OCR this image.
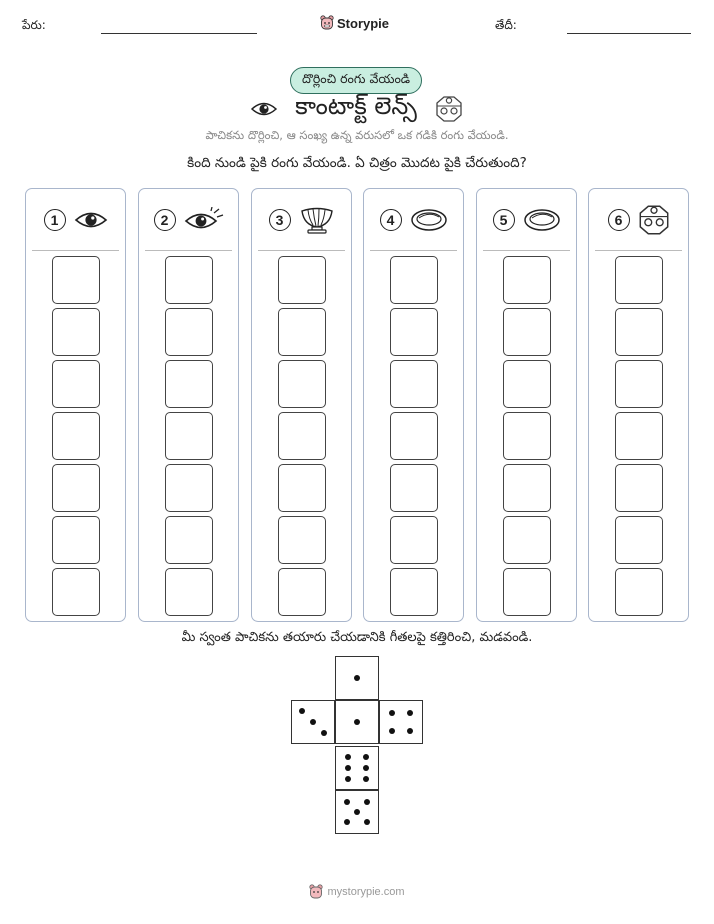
పేరు:	Storypie	తేదీ:
దొర్లించి రంగు వేయండి
కాంటాక్ట్ లెన్స్
పాచికను దొర్లించి, ఆ సంఖ్య ఉన్న వరుసలో ఒక గడికి రంగు వేయండి.
కింది నుండి పైకి రంగు వేయండి. ఏ చిత్రం మొదట పైకి చేరుతుంది?
1	2	3	4	5	6
మీ స్వంత పాచికను తయారు చేయడానికి గీతలపై కత్తిరించి, మడవండి.
mystorypie.com
